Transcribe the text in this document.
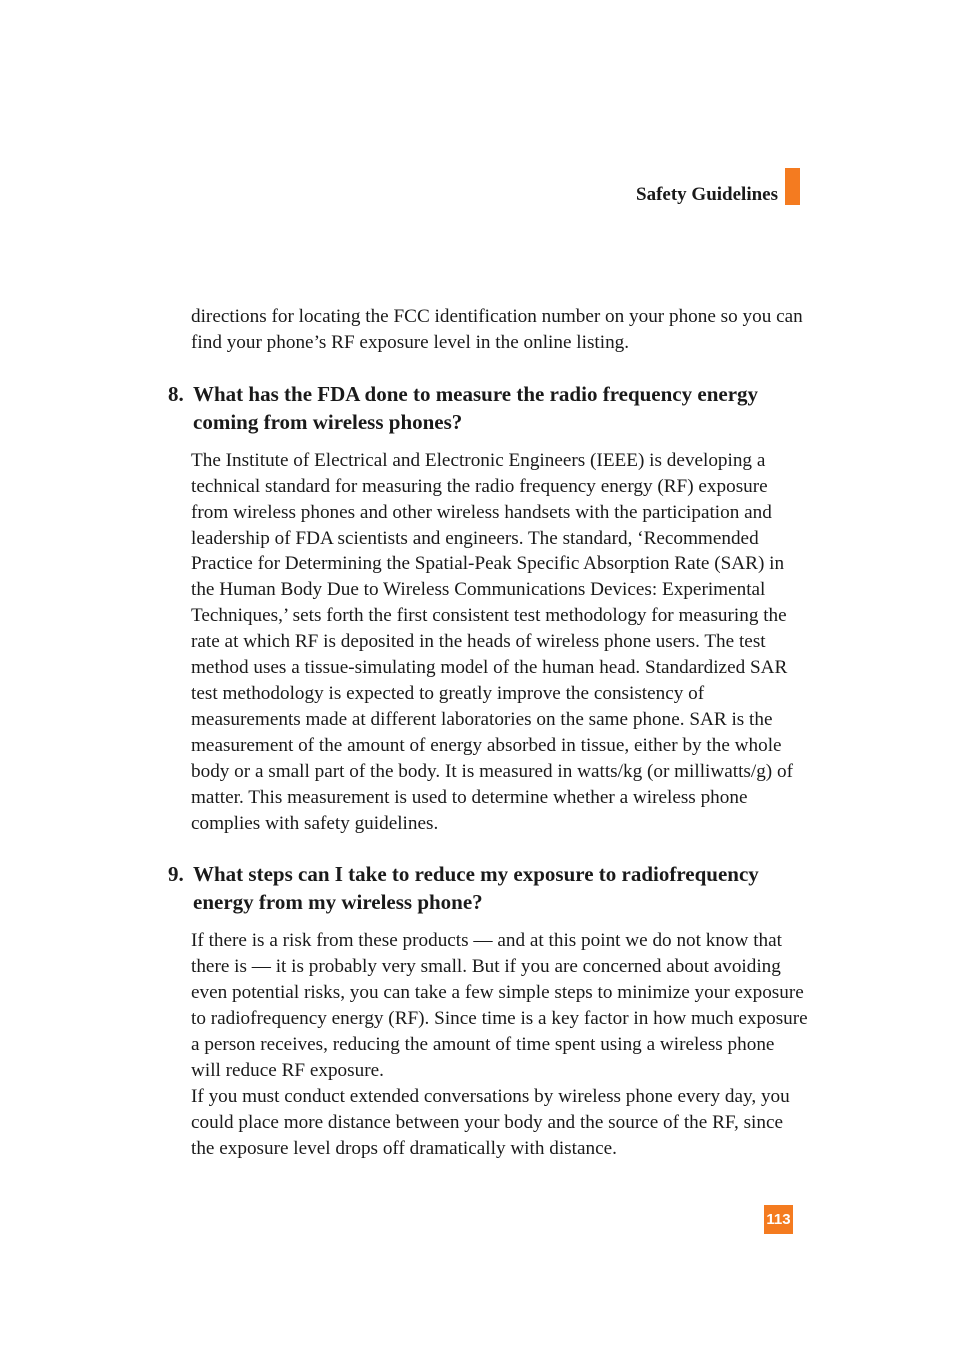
Safety Guidelines

directions for locating the FCC identification number on your phone so you can find your phone’s RF exposure level in the online listing.

8. What has the FDA done to measure the radio frequency energy coming from wireless phones?

The Institute of Electrical and Electronic Engineers (IEEE) is developing a technical standard for measuring the radio frequency energy (RF) exposure from wireless phones and other wireless handsets with the participation and leadership of FDA scientists and engineers. The standard, ‘Recommended Practice for Determining the Spatial-Peak Specific Absorption Rate (SAR) in the Human Body Due to Wireless Communications Devices: Experimental Techniques,’ sets forth the first consistent test methodology for measuring the rate at which RF is deposited in the heads of wireless phone users. The test method uses a tissue-simulating model of the human head. Standardized SAR test methodology is expected to greatly improve the consistency of measurements made at different laboratories on the same phone. SAR is the measurement of the amount of energy absorbed in tissue, either by the whole body or a small part of the body. It is measured in watts/kg (or milliwatts/g) of matter. This measurement is used to determine whether a wireless phone complies with safety guidelines.

9. What steps can I take to reduce my exposure to radiofrequency energy from my wireless phone?

If there is a risk from these products — and at this point we do not know that there is — it is probably very small. But if you are concerned about avoiding even potential risks, you can take a few simple steps to minimize your exposure to radiofrequency energy (RF). Since time is a key factor in how much exposure a person receives, reducing the amount of time spent using a wireless phone will reduce RF exposure.

If you must conduct extended conversations by wireless phone every day, you could place more distance between your body and the source of the RF, since the exposure level drops off dramatically with distance.

113
